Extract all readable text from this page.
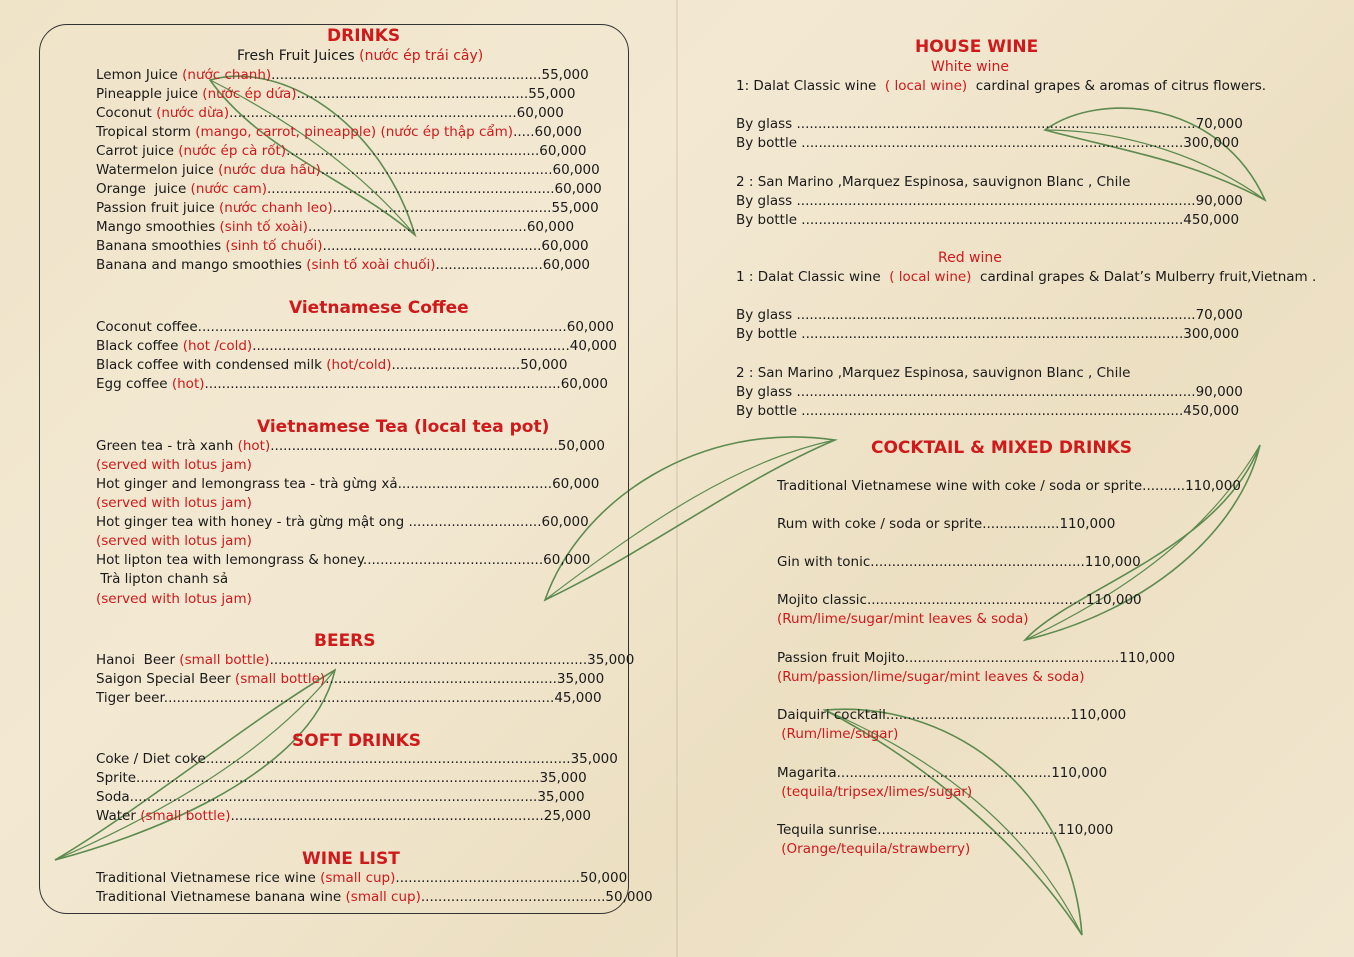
DRINKS
Fresh Fruit Juices (nước ép trái cây)
Lemon Juice (nước chanh)...............................................................55,000
Pineapple juice (nước ép dứa)......................................................55,000
Coconut (nước dừa)...................................................................60,000
Tropical storm (mango, carrot, pineapple) (nước ép thập cẩm).....60,000
Carrot juice (nước ép cà rốt)...........................................................60,000
Watermelon juice (nước dưa hấu)......................................................60,000
Orange  juice (nước cam)...................................................................60,000
Passion fruit juice (nước chanh leo)...................................................55,000
Mango smoothies (sinh tố xoài)...................................................60,000
Banana smoothies (sinh tố chuối)...................................................60,000
Banana and mango smoothies (sinh tố xoài chuối).........................60,000
Vietnamese Coffee
Coconut coffee......................................................................................60,000
Black coffee (hot /cold)..........................................................................40,000
Black coffee with condensed milk (hot/cold)..............................50,000
Egg coffee (hot)...................................................................................60,000
Vietnamese Tea (local tea pot)
Green tea - trà xanh (hot)...................................................................50,000
(served with lotus jam)
Hot ginger and lemongrass tea - trà gừng xả....................................60,000
(served with lotus jam)
Hot ginger tea with honey - trà gừng mật ong ...............................60,000
(served with lotus jam)
Hot lipton tea with lemongrass & honey..........................................60,000
Trà lipton chanh sả
(served with lotus jam)
BEERS
Hanoi  Beer (small bottle)..........................................................................35,000
Saigon Special Beer (small bottle)......................................................35,000
Tiger beer...........................................................................................45,000
SOFT DRINKS
Coke / Diet coke.....................................................................................35,000
Sprite..............................................................................................35,000
Soda...............................................................................................35,000
Water (small bottle).........................................................................25,000
WINE LIST
Traditional Vietnamese rice wine (small cup)...........................................50,000
Traditional Vietnamese banana wine (small cup)...........................................50,000
HOUSE WINE
White wine
1: Dalat Classic wine  ( local wine)  cardinal grapes & aromas of citrus flowers.
By glass .............................................................................................70,000
By bottle .........................................................................................300,000
2 : San Marino ,Marquez Espinosa, sauvignon Blanc , Chile
By glass .............................................................................................90,000
By bottle .........................................................................................450,000
Red wine
1 : Dalat Classic wine  ( local wine)  cardinal grapes & Dalat’s Mulberry fruit,Vietnam .
By glass .............................................................................................70,000
By bottle .........................................................................................300,000
2 : San Marino ,Marquez Espinosa, sauvignon Blanc , Chile
By glass .............................................................................................90,000
By bottle .........................................................................................450,000
COCKTAIL & MIXED DRINKS
Traditional Vietnamese wine with coke / soda or sprite..........110,000
Rum with coke / soda or sprite..................110,000
Gin with tonic..................................................110,000
Mojito classic...................................................110,000
(Rum/lime/sugar/mint leaves & soda)
Passion fruit Mojito..................................................110,000
(Rum/passion/lime/sugar/mint leaves & soda)
Daiquiri cocktail...........................................110,000
(Rum/lime/sugar)
Magarita..................................................110,000
(tequila/tripsex/limes/sugar)
Tequila sunrise..........................................110,000
(Orange/tequila/strawberry)
